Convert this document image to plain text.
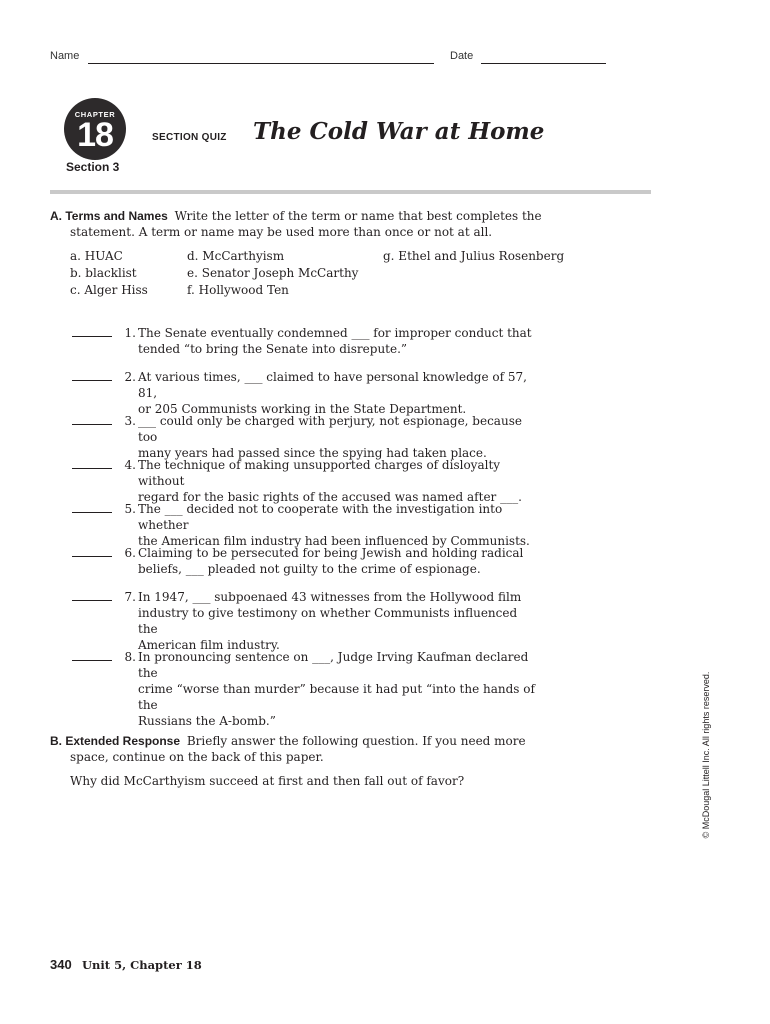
Name	Date
CHAPTER
18
Section 3
SECTION QUIZ The Cold War at Home
A. Terms and Names Write the letter of the term or name that best completes the
statement. A term or name may be used more than once or not at all.
a. HUAC
b. blacklist
c. Alger Hiss
d. McCarthyism
e. Senator Joseph McCarthy
f. Hollywood Ten
g. Ethel and Julius Rosenberg
1. The Senate eventually condemned ___ for improper conduct that
tended “to bring the Senate into disrepute.”
2. At various times, ___ claimed to have personal knowledge of 57, 81,
or 205 Communists working in the State Department.
3. ___ could only be charged with perjury, not espionage, because too
many years had passed since the spying had taken place.
4. The technique of making unsupported charges of disloyalty without
regard for the basic rights of the accused was named after ___.
5. The ___ decided not to cooperate with the investigation into whether
the American film industry had been influenced by Communists.
6. Claiming to be persecuted for being Jewish and holding radical
beliefs, ___ pleaded not guilty to the crime of espionage.
7. In 1947, ___ subpoenaed 43 witnesses from the Hollywood film
industry to give testimony on whether Communists influenced the
American film industry.
8. In pronouncing sentence on ___, Judge Irving Kaufman declared the
crime “worse than murder” because it had put “into the hands of the
Russians the A-bomb.”
B. Extended Response Briefly answer the following question. If you need more
space, continue on the back of this paper.
Why did McCarthyism succeed at first and then fall out of favor?	© McDougal Littell Inc. All rights reserved.
340 Unit 5, Chapter 18
